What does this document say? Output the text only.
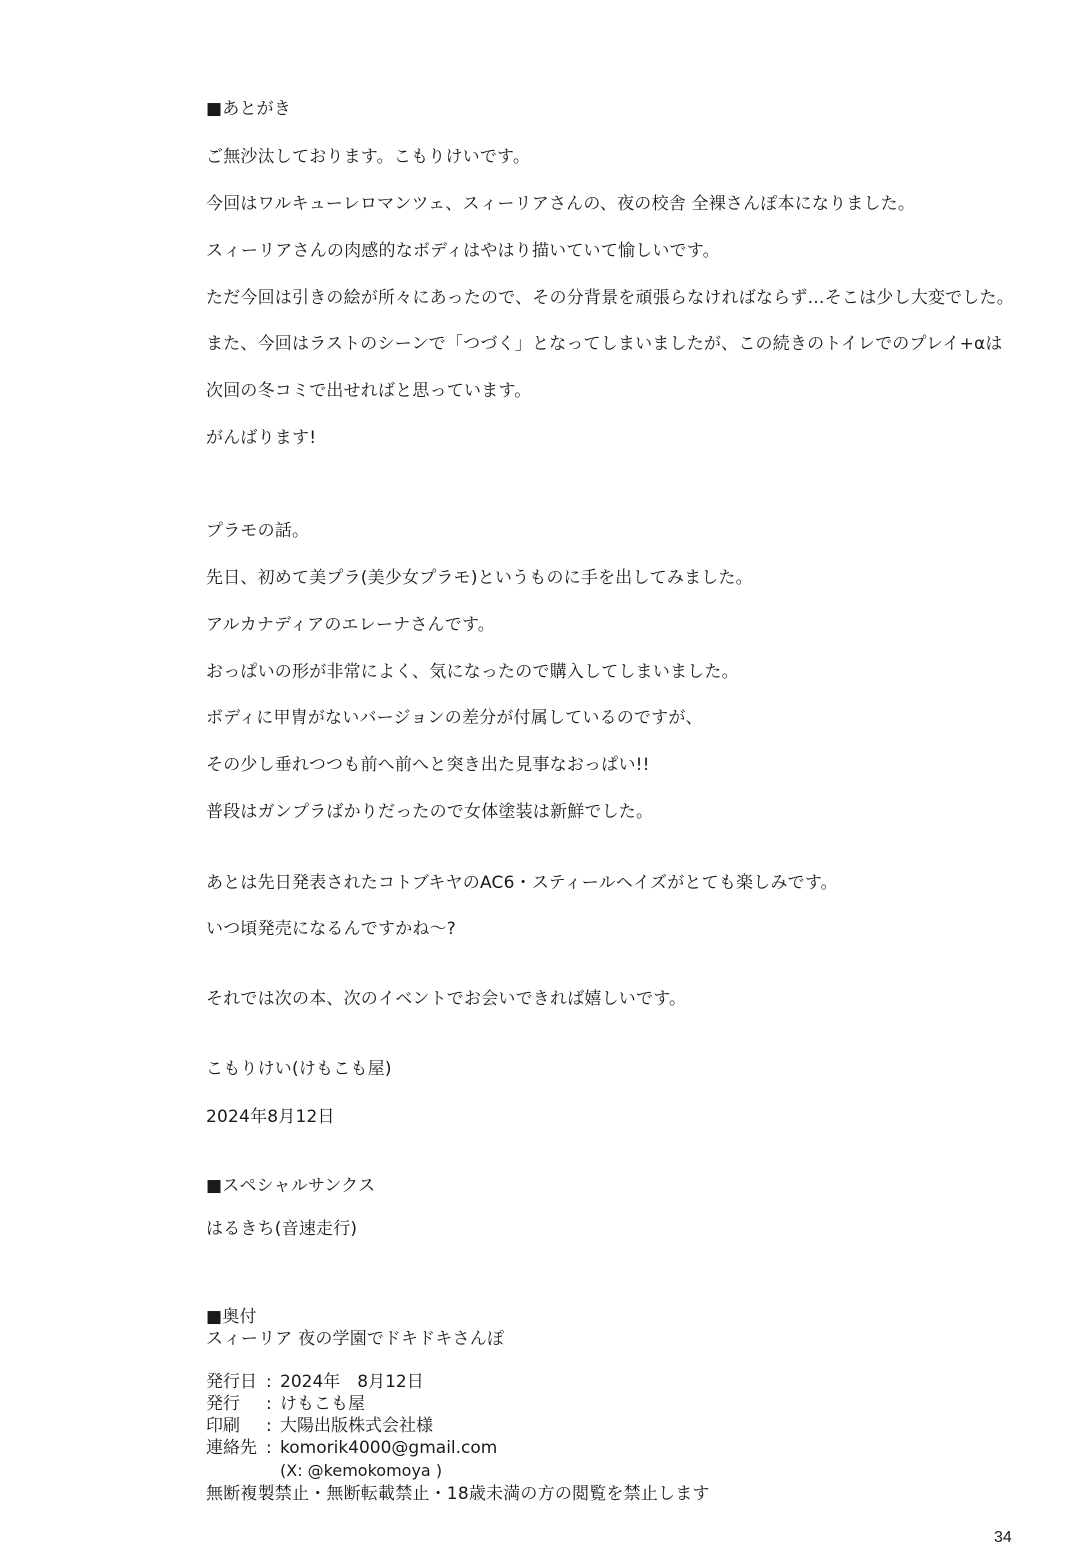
■あとがき
ご無沙汰しております。こもりけいです。
今回はワルキューレロマンツェ、スィーリアさんの、夜の校舎 全裸さんぽ本になりました。
スィーリアさんの肉感的なボディはやはり描いていて愉しいです。
ただ今回は引きの絵が所々にあったので、その分背景を頑張らなければならず…そこは少し大変でした。
また、今回はラストのシーンで「つづく」となってしまいましたが、この続きのトイレでのプレイ+αは
次回の冬コミで出せればと思っています。
がんばります!
プラモの話。
先日、初めて美プラ(美少女プラモ)というものに手を出してみました。
アルカナディアのエレーナさんです。
おっぱいの形が非常によく、気になったので購入してしまいました。
ボディに甲冑がないバージョンの差分が付属しているのですが、
その少し垂れつつも前へ前へと突き出た見事なおっぱい!!
普段はガンプラばかりだったので女体塗装は新鮮でした。
あとは先日発表されたコトブキヤのAC6・スティールヘイズがとても楽しみです。
いつ頃発売になるんですかね〜?
それでは次の本、次のイベントでお会いできれば嬉しいです。
こもりけい(けもこも屋)
2024年8月12日
■スペシャルサンクス
はるきち(音速走行)
■奥付
スィーリア 夜の学園でドキドキさんぽ
発行日 : 2024年　8月12日
発行 : けもこも屋
印刷 : 大陽出版株式会社様
連絡先 : komorik4000@gmail.com
(X: @kemokomoya )
無断複製禁止・無断転載禁止・18歳未満の方の閲覧を禁止します
34
